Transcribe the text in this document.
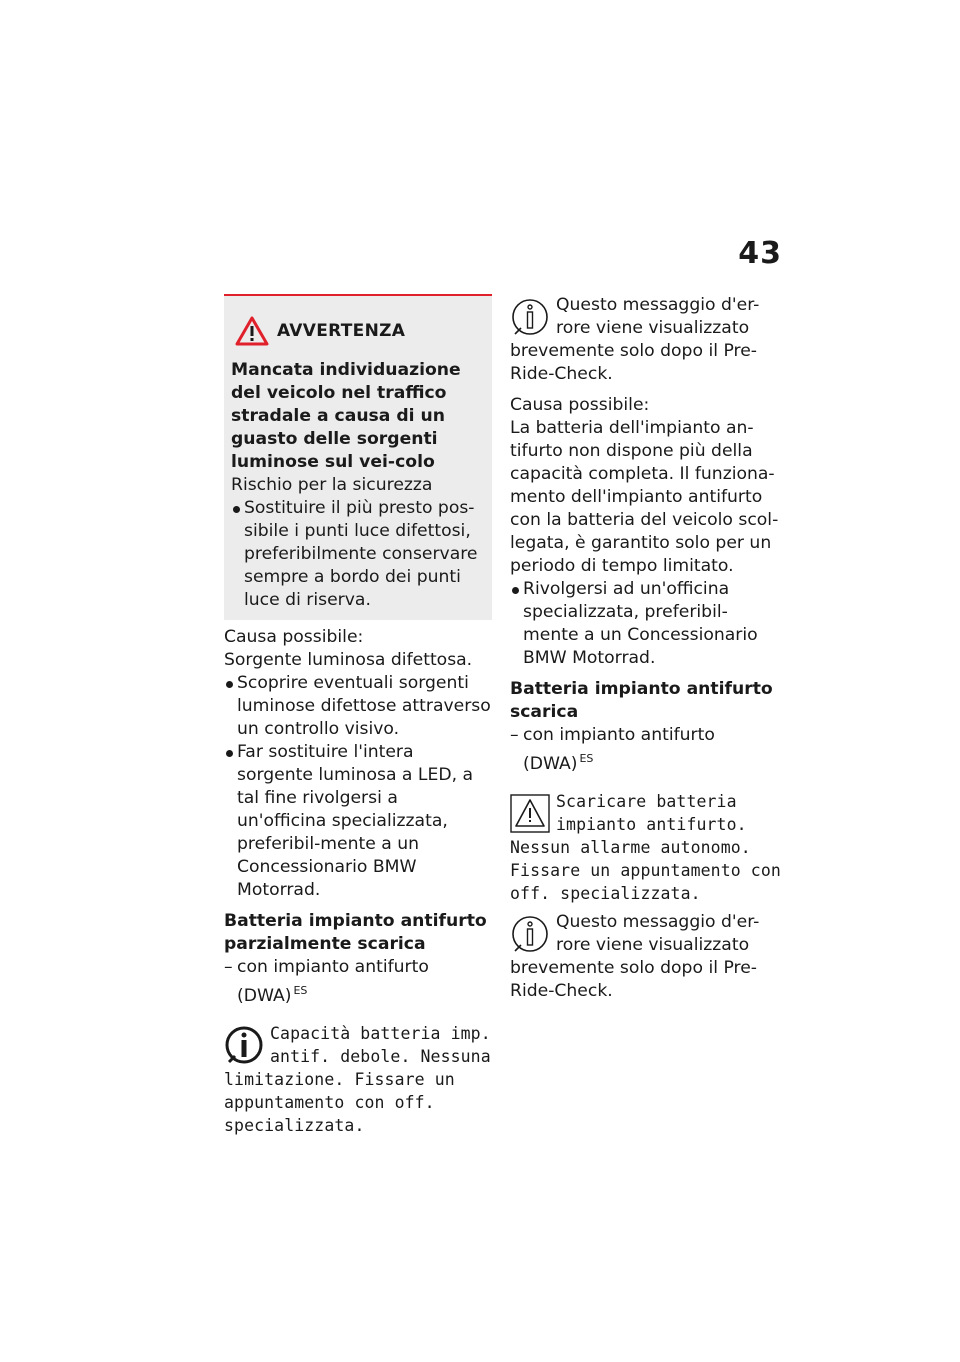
43
AVVERTENZA

Mancata individuazione del veicolo nel traffico stradale a causa di un guasto delle sorgenti luminose sul vei-colo

Rischio per la sicurezza

Sostituire il più presto pos-sibile i punti luce difettosi, preferibilmente conservare sempre a bordo dei punti luce di riserva.

Causa possibile:

Sorgente luminosa difettosa.

Scoprire eventuali sorgenti luminose difettose attraverso un controllo visivo.
Far sostituire l'intera sorgente luminosa a LED, a tal fine rivolgersi a un'officina specializzata, preferibil-mente a un Concessionario BMW Motorrad.

Batteria impianto antifurto parzialmente scarica

– con impianto antifurto (DWA) $^{ES}$
Capacità batteria imp. antif. debole. Nessuna limitazione. Fissare un appuntamento con off. specializzata.
Questo messaggio d'er-rore viene visualizzato brevemente solo dopo il Pre-Ride-Check.

Causa possibile:

La batteria dell'impianto an-tifurto non dispone più della capacità completa. Il funziona-mento dell'impianto antifurto con la batteria del veicolo scol-legata, è garantito solo per un periodo di tempo limitato.

Rivolgersi ad un'officina specializzata, preferibil-mente a un Concessionario BMW Motorrad.

Batteria impianto antifurto scarica

– con impianto antifurto (DWA) $^{ES}$
Scaricare batteria impianto antifurto. Nessun allarme autonomo. Fissare un appuntamento con off. specializzata.
Questo messaggio d'er-rore viene visualizzato brevemente solo dopo il Pre-Ride-Check.
